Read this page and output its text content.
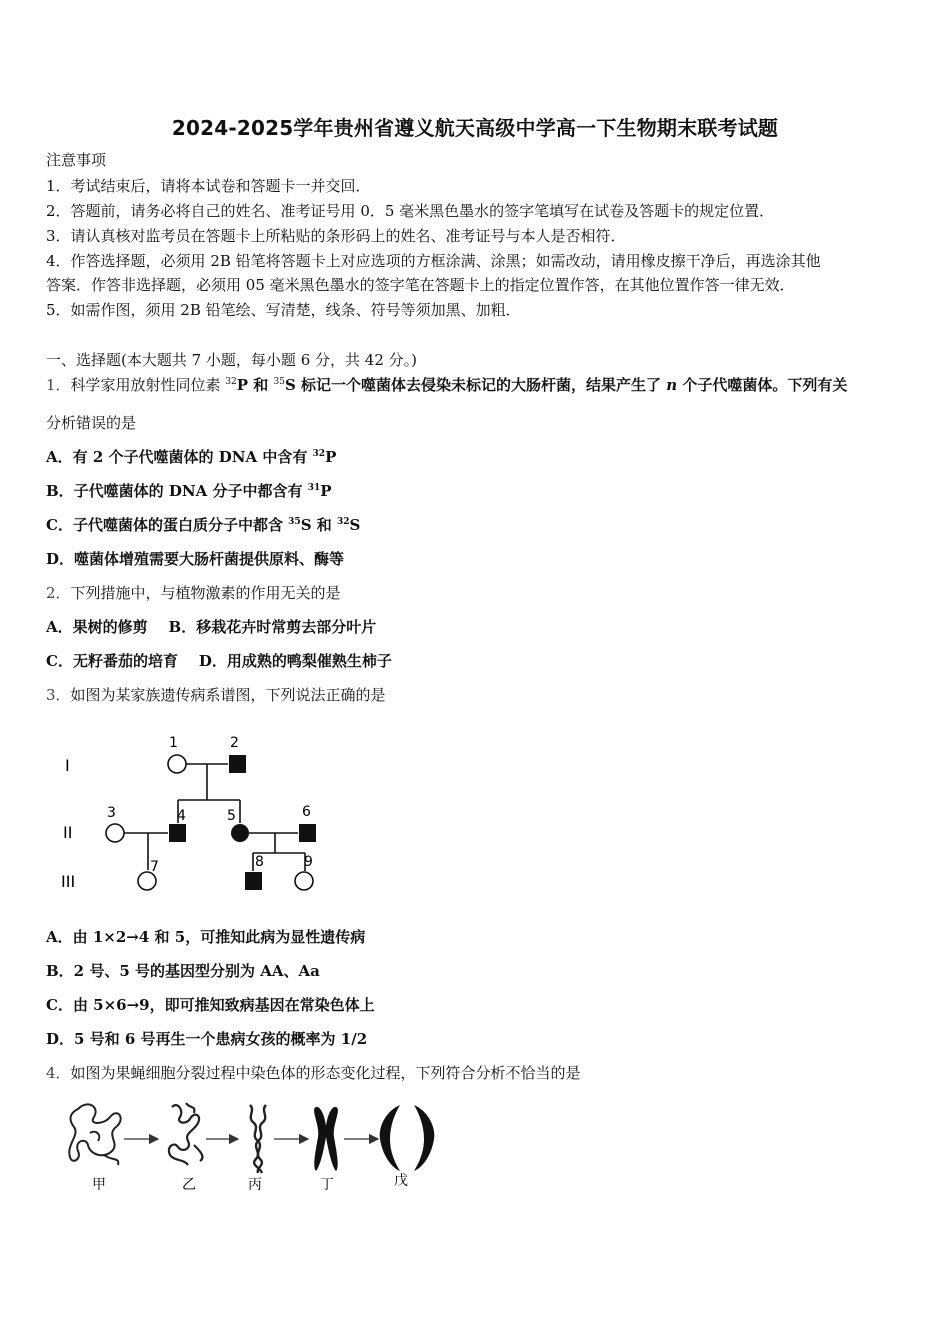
2024-2025学年贵州省遵义航天高级中学高一下生物期末联考试题
注意事项
1．考试结束后，请将本试卷和答题卡一并交回．
2．答题前，请务必将自己的姓名、准考证号用 0．5 毫米黑色墨水的签字笔填写在试卷及答题卡的规定位置．
3．请认真核对监考员在答题卡上所粘贴的条形码上的姓名、准考证号与本人是否相符．
4．作答选择题，必须用 2B 铅笔将答题卡上对应选项的方框涂满、涂黑；如需改动，请用橡皮擦干净后，再选涂其他
答案．作答非选择题，必须用 05 毫米黑色墨水的签字笔在答题卡上的指定位置作答，在其他位置作答一律无效．
5．如需作图，须用 2B 铅笔绘、写清楚，线条、符号等须加黑、加粗．
一、选择题(本大题共 7 小题，每小题 6 分，共 42 分。)
1．科学家用放射性同位素 $^{32}$P 和 $^{35}$S 标记一个噬菌体去侵染未标记的大肠杆菌，结果产生了 n 个子代噬菌体。下列有关
分析错误的是
A．有 2 个子代噬菌体的 DNA 中含有 $^{32}$P
B．子代噬菌体的 DNA 分子中都含有 $^{31}$P
C．子代噬菌体的蛋白质分子中都含 $^{35}$S 和 $^{32}$S
D．噬菌体增殖需要大肠杆菌提供原料、酶等
2．下列措施中，与植物激素的作用无关的是
A．果树的修剪    B．移栽花卉时常剪去部分叶片
C．无籽番茄的培育    D．用成熟的鸭梨催熟生柿子
3．如图为某家族遗传病系谱图，下列说法正确的是
I
II
III
1	2
3	4	5	6
7	8	9
A．由 1×2→4 和 5，可推知此病为显性遗传病
B．2 号、5 号的基因型分别为 AA、Aa
C．由 5×6→9，即可推知致病基因在常染色体上
D．5 号和 6 号再生一个患病女孩的概率为 1/2
4．如图为果蝇细胞分裂过程中染色体的形态变化过程，下列符合分析不恰当的是
甲	乙	丙	丁	戊
